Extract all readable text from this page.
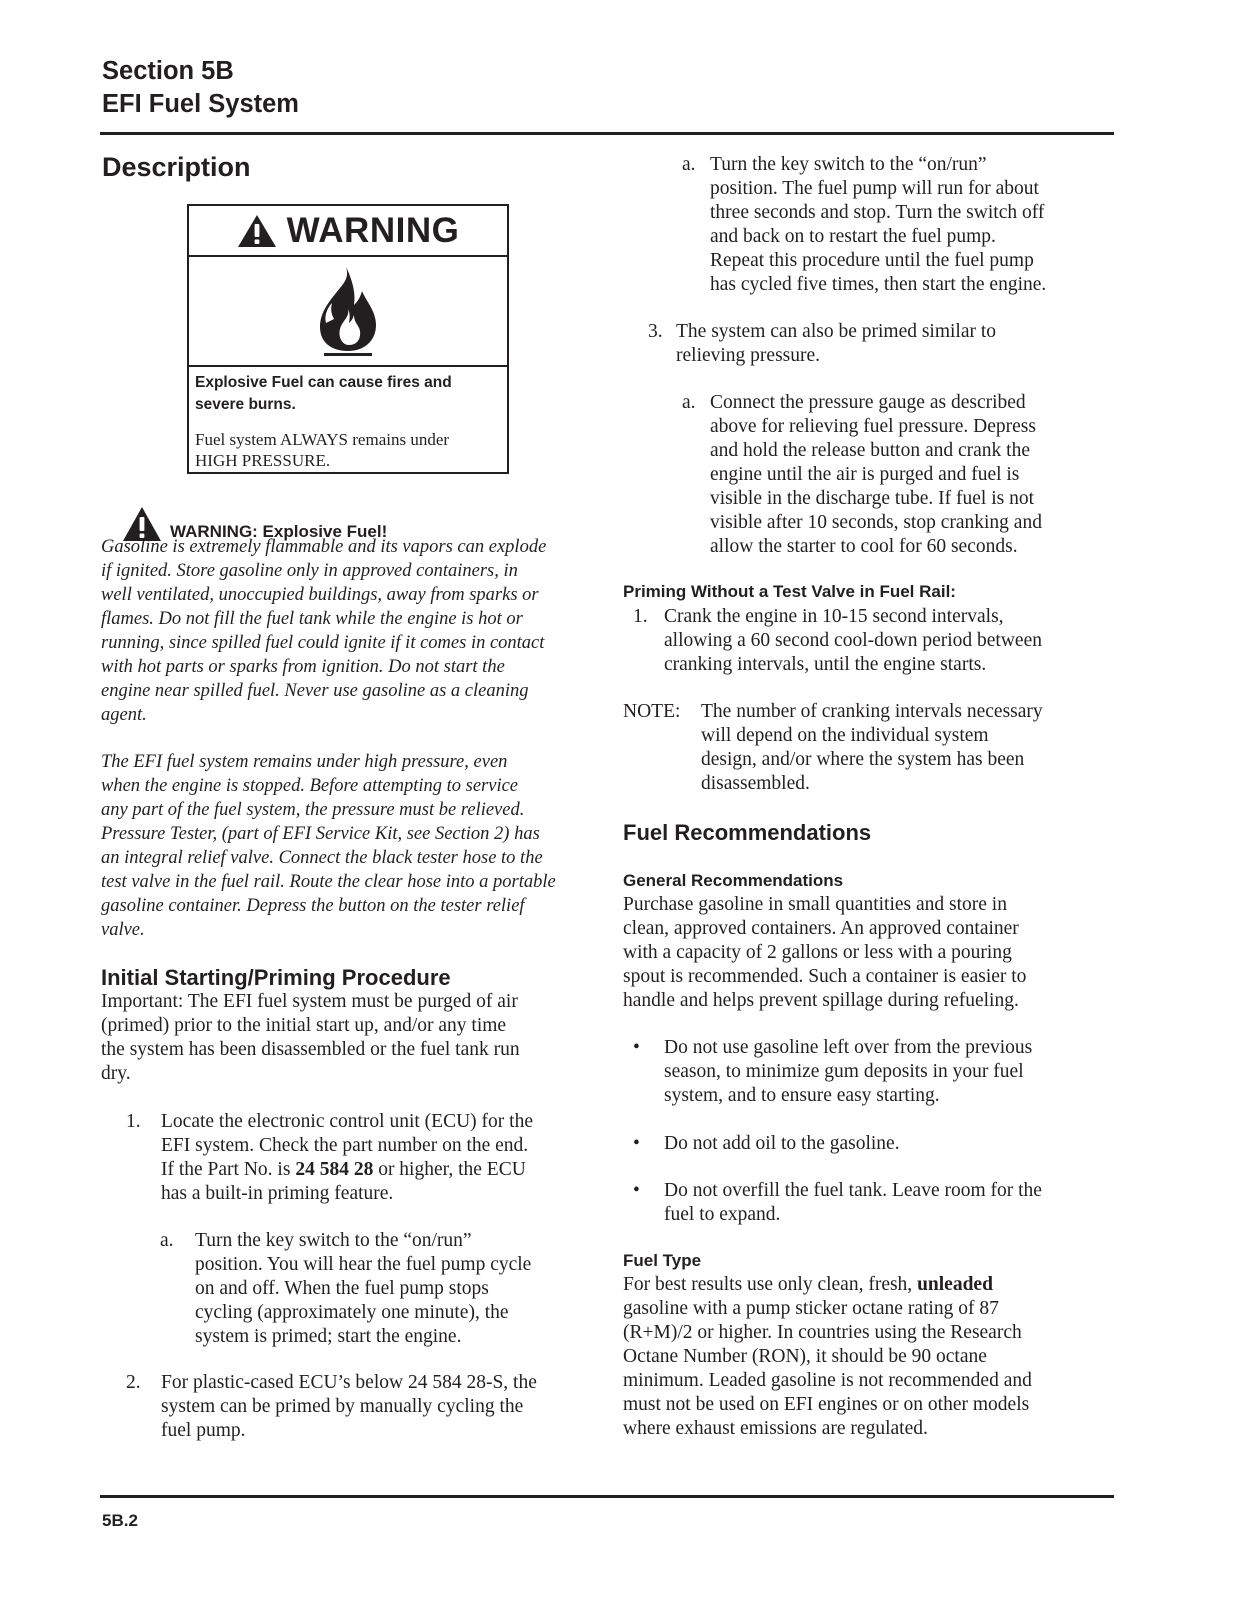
Section 5B
EFI Fuel System
Description
WARNING
Explosive Fuel can cause fires and
severe burns.
Fuel system ALWAYS remains under
HIGH PRESSURE.
WARNING: Explosive Fuel!
Gasoline is extremely flammable and its vapors can explode
if ignited. Store gasoline only in approved containers, in
well ventilated, unoccupied buildings, away from sparks or
flames. Do not fill the fuel tank while the engine is hot or
running, since spilled fuel could ignite if it comes in contact
with hot parts or sparks from ignition. Do not start the
engine near spilled fuel. Never use gasoline as a cleaning
agent.
The EFI fuel system remains under high pressure, even
when the engine is stopped. Before attempting to service
any part of the fuel system, the pressure must be relieved.
Pressure Tester, (part of EFI Service Kit, see Section 2) has
an integral relief valve. Connect the black tester hose to the
test valve in the fuel rail. Route the clear hose into a portable
gasoline container. Depress the button on the tester relief
valve.
Initial Starting/Priming Procedure
Important: The EFI fuel system must be purged of air
(primed) prior to the initial start up, and/or any time
the system has been disassembled or the fuel tank run
dry.
1. Locate the electronic control unit (ECU) for the
EFI system. Check the part number on the end.
If the Part No. is 24 584 28 or higher, the ECU
has a built-in priming feature.
a. Turn the key switch to the “on/run”
position. You will hear the fuel pump cycle
on and off. When the fuel pump stops
cycling (approximately one minute), the
system is primed; start the engine.
2. For plastic-cased ECU’s below 24 584 28-S, the
system can be primed by manually cycling the
fuel pump.
a. Turn the key switch to the “on/run”
position. The fuel pump will run for about
three seconds and stop. Turn the switch off
and back on to restart the fuel pump.
Repeat this procedure until the fuel pump
has cycled five times, then start the engine.
3. The system can also be primed similar to
relieving pressure.
a. Connect the pressure gauge as described
above for relieving fuel pressure. Depress
and hold the release button and crank the
engine until the air is purged and fuel is
visible in the discharge tube. If fuel is not
visible after 10 seconds, stop cranking and
allow the starter to cool for 60 seconds.
Priming Without a Test Valve in Fuel Rail:
1. Crank the engine in 10-15 second intervals,
allowing a 60 second cool-down period between
cranking intervals, until the engine starts.
NOTE: The number of cranking intervals necessary
will depend on the individual system
design, and/or where the system has been
disassembled.
Fuel Recommendations
General Recommendations
Purchase gasoline in small quantities and store in
clean, approved containers. An approved container
with a capacity of 2 gallons or less with a pouring
spout is recommended. Such a container is easier to
handle and helps prevent spillage during refueling.
• Do not use gasoline left over from the previous
season, to minimize gum deposits in your fuel
system, and to ensure easy starting.
• Do not add oil to the gasoline.
• Do not overfill the fuel tank. Leave room for the
fuel to expand.
Fuel Type
For best results use only clean, fresh, unleaded
gasoline with a pump sticker octane rating of 87
(R+M)/2 or higher. In countries using the Research
Octane Number (RON), it should be 90 octane
minimum. Leaded gasoline is not recommended and
must not be used on EFI engines or on other models
where exhaust emissions are regulated.
5B.2
